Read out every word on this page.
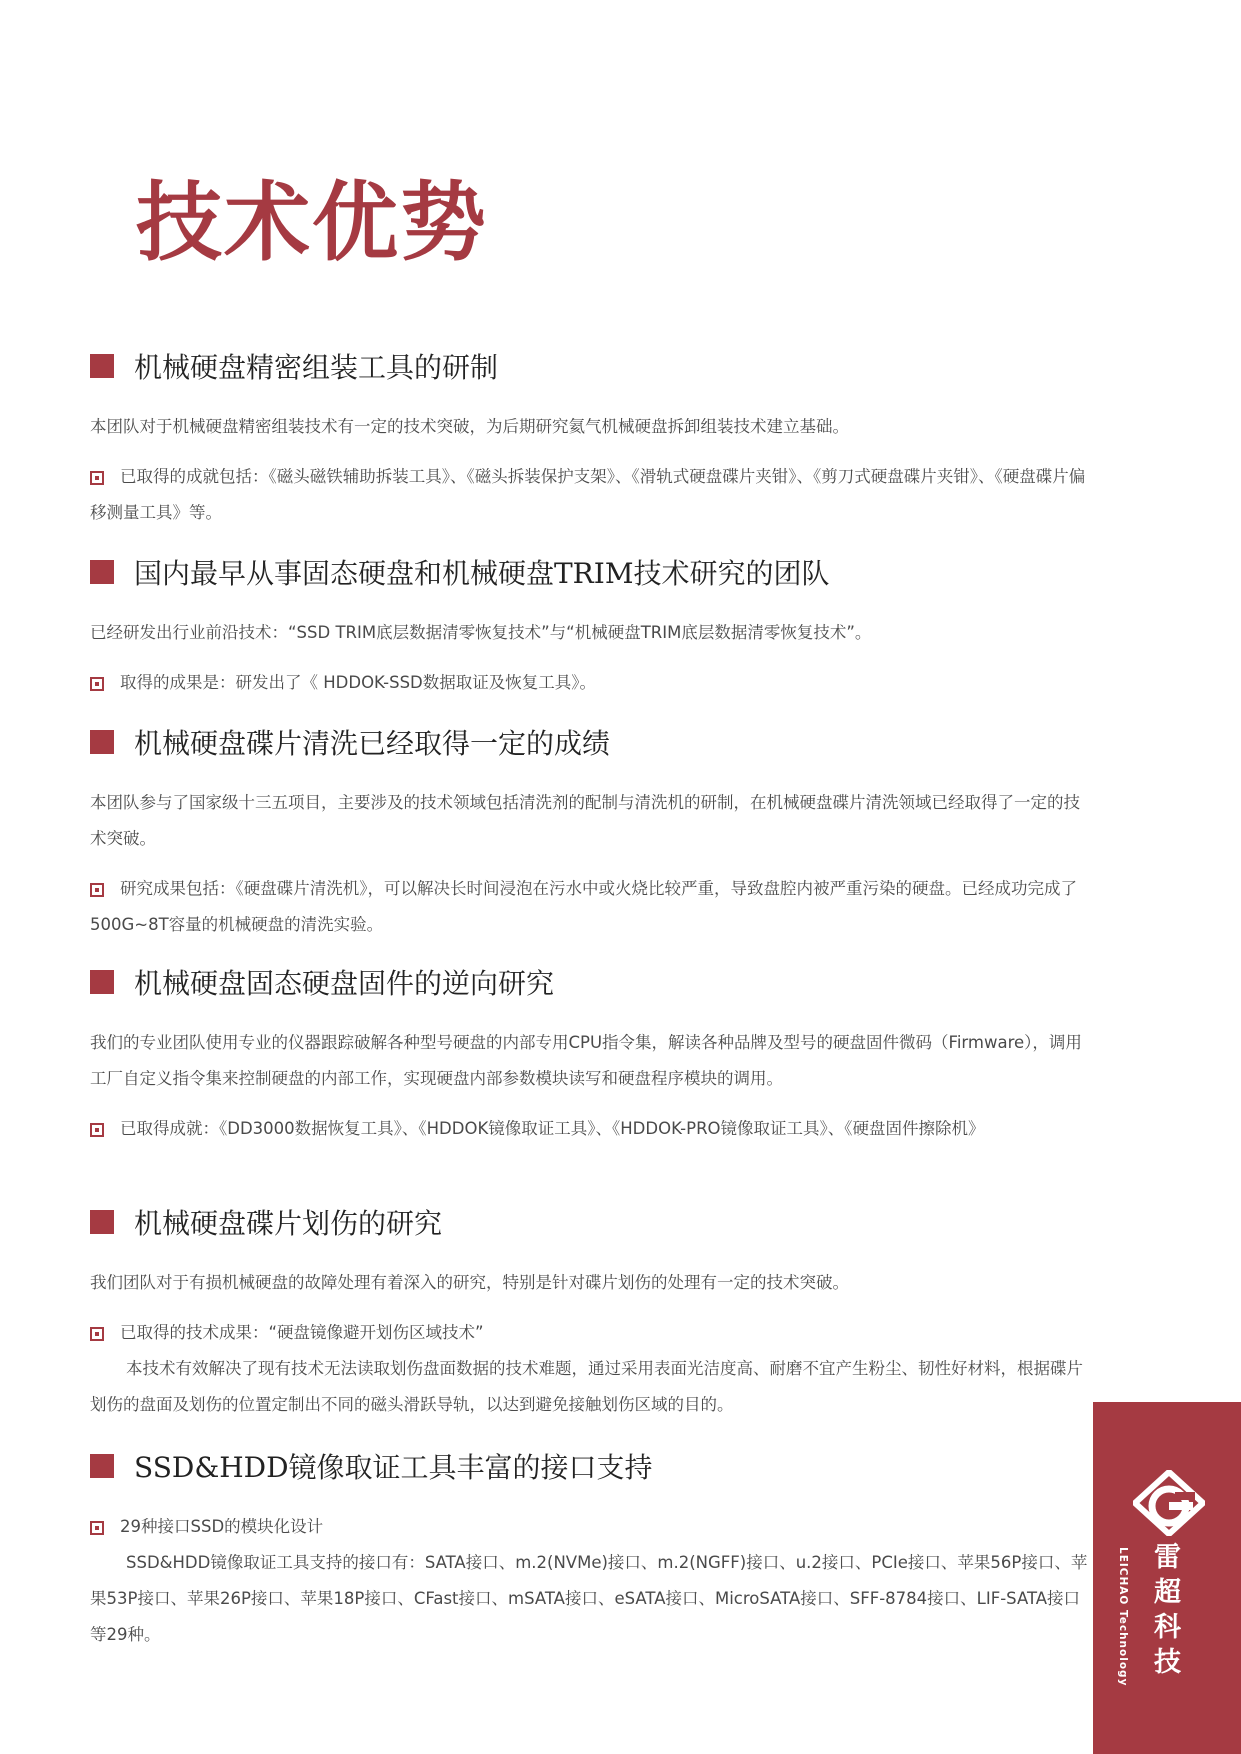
技术优势
机械硬盘精密组装工具的研制

本团队对于机械硬盘精密组装技术有一定的技术突破，为后期研究氦气机械硬盘拆卸组装技术建立基础。

已取得的成就包括：《磁头磁铁辅助拆装工具》、《磁头拆装保护支架》、《滑轨式硬盘碟片夹钳》、《剪刀式硬盘碟片夹钳》、《硬盘碟片偏移测量工具》等。

国内最早从事固态硬盘和机械硬盘TRIM技术研究的团队

已经研发出行业前沿技术：“SSD TRIM底层数据清零恢复技术”与“机械硬盘TRIM底层数据清零恢复技术”。

取得的成果是：研发出了《 HDDOK-SSD数据取证及恢复工具》。

机械硬盘碟片清洗已经取得一定的成绩

本团队参与了国家级十三五项目，主要涉及的技术领域包括清洗剂的配制与清洗机的研制，在机械硬盘碟片清洗领域已经取得了一定的技术突破。

研究成果包括：《硬盘碟片清洗机》，可以解决长时间浸泡在污水中或火烧比较严重，导致盘腔内被严重污染的硬盘。已经成功完成了500G~8T容量的机械硬盘的清洗实验。

机械硬盘固态硬盘固件的逆向研究

我们的专业团队使用专业的仪器跟踪破解各种型号硬盘的内部专用CPU指令集，解读各种品牌及型号的硬盘固件微码（Firmware），调用工厂自定义指令集来控制硬盘的内部工作，实现硬盘内部参数模块读写和硬盘程序模块的调用。

已取得成就：《DD3000数据恢复工具》、《HDDOK镜像取证工具》、《HDDOK-PRO镜像取证工具》、《硬盘固件擦除机》

机械硬盘碟片划伤的研究

我们团队对于有损机械硬盘的故障处理有着深入的研究，特别是针对碟片划伤的处理有一定的技术突破。

已取得的技术成果：“硬盘镜像避开划伤区域技术”

本技术有效解决了现有技术无法读取划伤盘面数据的技术难题，通过采用表面光洁度高、耐磨不宜产生粉尘、韧性好材料，根据碟片划伤的盘面及划伤的位置定制出不同的磁头滑跃导轨，以达到避免接触划伤区域的目的。

SSD&HDD镜像取证工具丰富的接口支持

29种接口SSD的模块化设计

SSD&HDD镜像取证工具支持的接口有：SATA接口、m.2(NVMe)接口、m.2(NGFF)接口、u.2接口、PCIe接口、苹果56P接口、苹果53P接口、苹果26P接口、苹果18P接口、CFast接口、mSATA接口、eSATA接口、MicroSATA接口、SFF-8784接口、LIF-SATA接口等29种。	雷超科技
LEICHAO Technology
